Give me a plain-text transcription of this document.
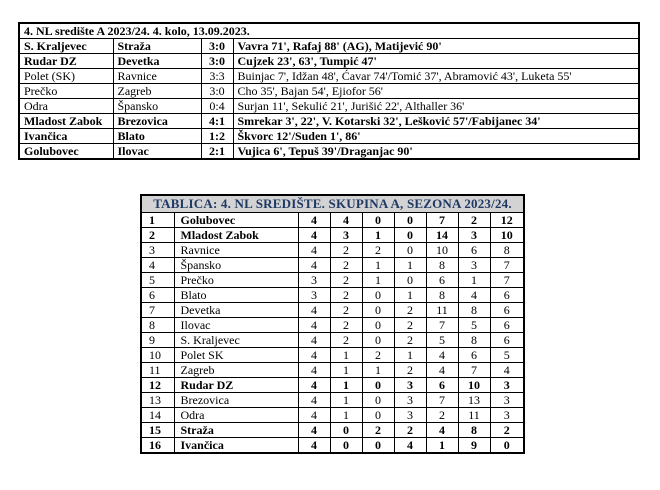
4. NL središte A 2023/24. 4. kolo, 13.09.2023.			
S. Kraljevec	Straža	3:0	Vavra 71', Rafaj 88' (AG), Matijević 90'
Rudar DZ	Devetka	3:0	Cujzek 23', 63', Tumpić 47'
Polet (SK)	Ravnice	3:3	Buinjac 7', Idžan 48', Ćavar 74'/Tomić 37', Abramović 43', Luketa 55'
Prečko	Zagreb	3:0	Cho 35', Bajan 54', Ejiofor 56'
Odra	Špansko	0:4	Surjan 11', Sekulić 21', Jurišić 22', Althaller 36'
Mladost Zabok	Brezovica	4:1	Smrekar 3', 22', V. Kotarski 32', Lešković 57'/Fabijanec 34'
Ivančica	Blato	1:2	Škvorc 12'/Suden 1', 86'
Golubovec	Ilovac	2:1	Vujica 6', Tepuš 39'/Draganjac 90'
TABLICA: 4. NL SREDIŠTE. SKUPINA A, SEZONA 2023/24.								
1	Golubovec	4	4	0	0	7	2	12
2	Mladost Zabok	4	3	1	0	14	3	10
3	Ravnice	4	2	2	0	10	6	8
4	Špansko	4	2	1	1	8	3	7
5	Prečko	3	2	1	0	6	1	7
6	Blato	3	2	0	1	8	4	6
7	Devetka	4	2	0	2	11	8	6
8	Ilovac	4	2	0	2	7	5	6
9	S. Kraljevec	4	2	0	2	5	8	6
10	Polet SK	4	1	2	1	4	6	5
11	Zagreb	4	1	1	2	4	7	4
12	Rudar DZ	4	1	0	3	6	10	3
13	Brezovica	4	1	0	3	7	13	3
14	Odra	4	1	0	3	2	11	3
15	Straža	4	0	2	2	4	8	2
16	Ivančica	4	0	0	4	1	9	0
